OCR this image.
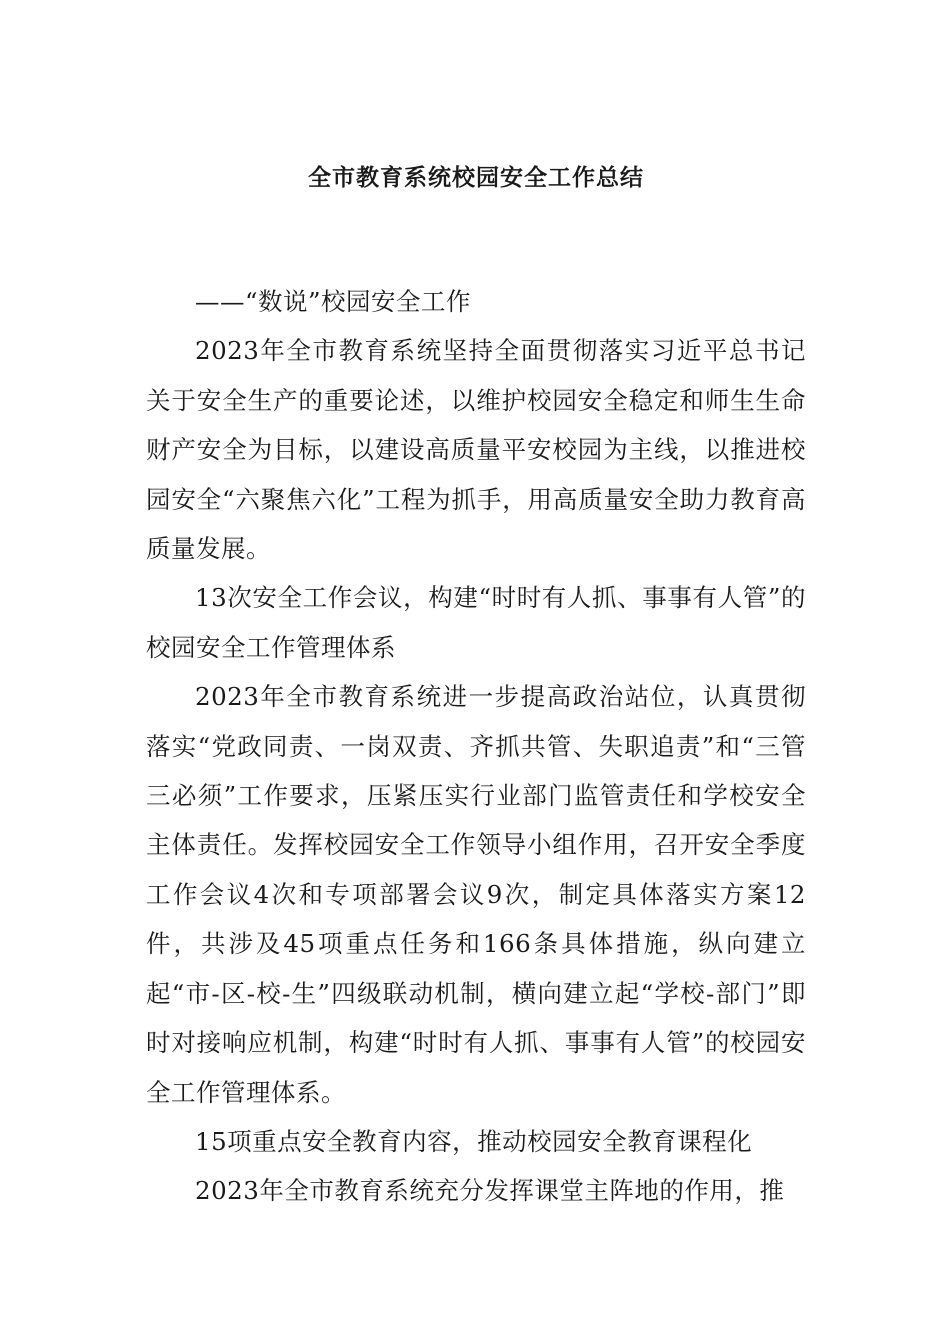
全市教育系统校园安全工作总结

——“数说”校园安全工作

2023年全市教育系统坚持全面贯彻落实习近平总书记关于安全生产的重要论述，以维护校园安全稳定和师生生命财产安全为目标，以建设高质量平安校园为主线，以推进校园安全“六聚焦六化”工程为抓手，用高质量安全助力教育高质量发展。

13次安全工作会议，构建“时时有人抓、事事有人管”的校园安全工作管理体系

2023年全市教育系统进一步提高政治站位，认真贯彻落实“党政同责、一岗双责、齐抓共管、失职追责”和“三管三必须”工作要求，压紧压实行业部门监管责任和学校安全主体责任。发挥校园安全工作领导小组作用，召开安全季度工作会议4次和专项部署会议9次，制定具体落实方案12件，共涉及45项重点任务和166条具体措施，纵向建立起“市-区-校-生”四级联动机制，横向建立起“学校-部门”即时对接响应机制，构建“时时有人抓、事事有人管”的校园安全工作管理体系。

15项重点安全教育内容，推动校园安全教育课程化

2023年全市教育系统充分发挥课堂主阵地的作用，推
